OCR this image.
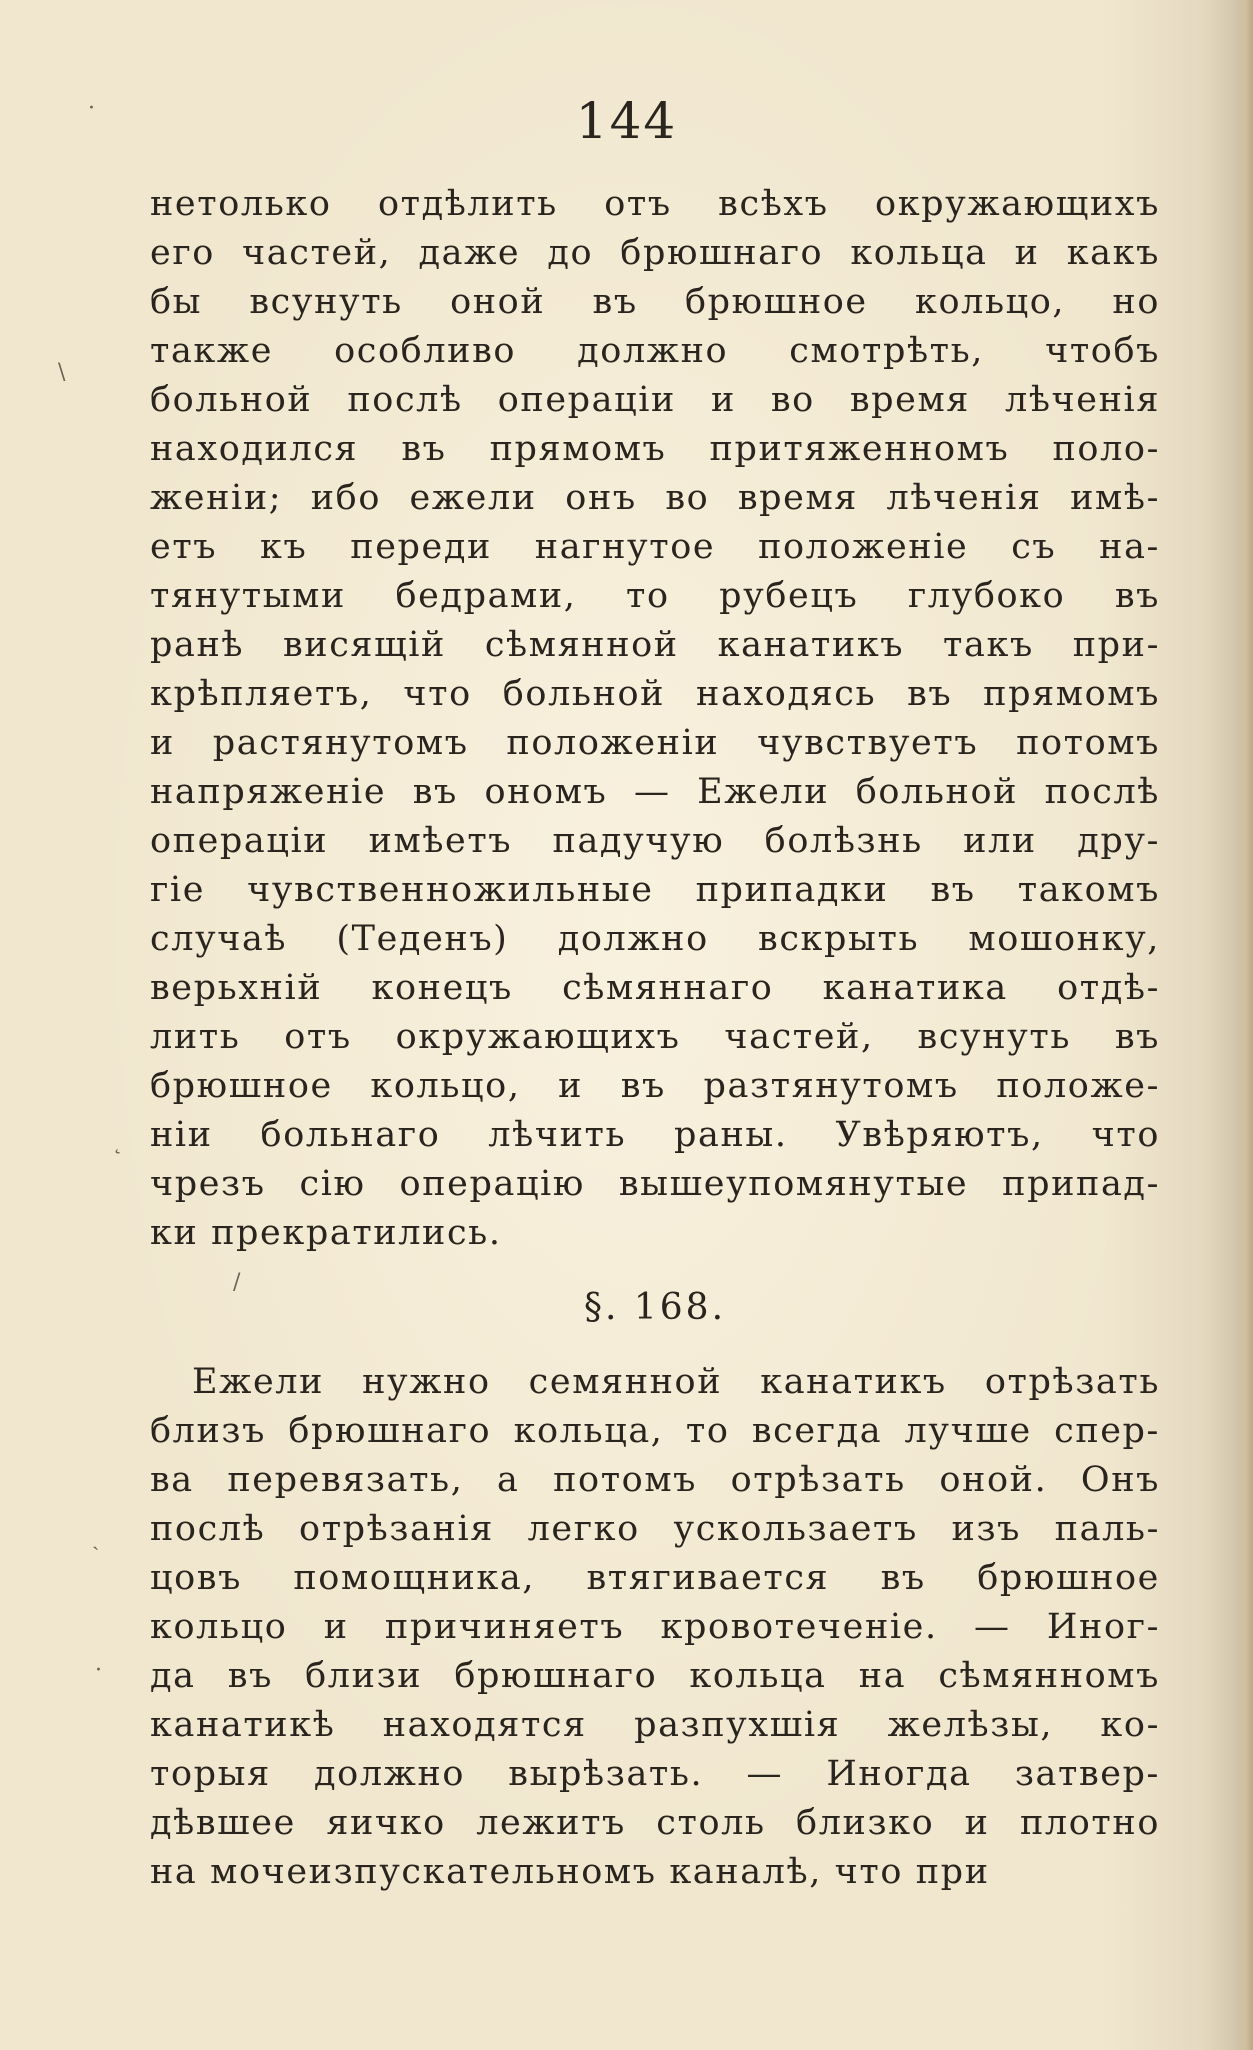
·
\
˛
/
ˎ
·
144
нетолько отдѣлить отъ всѣхъ окружающихъ
его частей, даже до брюшнаго кольца и какъ
бы всунуть оной въ брюшное кольцо, но
также особливо должно смотрѣть, чтобъ
больной послѣ операціи и во время лѣченія
находился въ прямомъ притяженномъ поло-
женіи; ибо ежели онъ во время лѣченія имѣ-
етъ къ переди нагнутое положеніе съ на-
тянутыми бедрами, то рубецъ глубоко въ
ранѣ висящій сѣмянной канатикъ такъ при-
крѣпляетъ, что больной находясь въ прямомъ
и растянутомъ положеніи чувствуетъ потомъ
напряженіе въ ономъ — Ежели больной послѣ
операціи имѣетъ падучую болѣзнь или дру-
гіе чувственножильные припадки въ такомъ
случаѣ (Теденъ) должно вскрыть мошонку,
верьхній конецъ сѣмяннаго канатика отдѣ-
лить отъ окружающихъ частей, всунуть въ
брюшное кольцо, и въ разтянутомъ положе-
ніи больнаго лѣчить раны. Увѣряютъ, что
чрезъ сію операцію вышеупомянутые припад-
ки прекратились.
§. 168.
Ежели нужно семянной канатикъ отрѣзать
близъ брюшнаго кольца, то всегда лучше спер-
ва перевязать, а потомъ отрѣзать оной. Онъ
послѣ отрѣзанія легко ускользаетъ изъ паль-
цовъ помощника, втягивается въ брюшное
кольцо и причиняетъ кровотеченіе. — Иног-
да въ близи брюшнаго кольца на сѣмянномъ
канатикѣ находятся разпухшія желѣзы, ко-
торыя должно вырѣзать. — Иногда затвер-
дѣвшее яичко лежитъ столь близко и плотно
на мочеизпускательномъ каналѣ, что при
